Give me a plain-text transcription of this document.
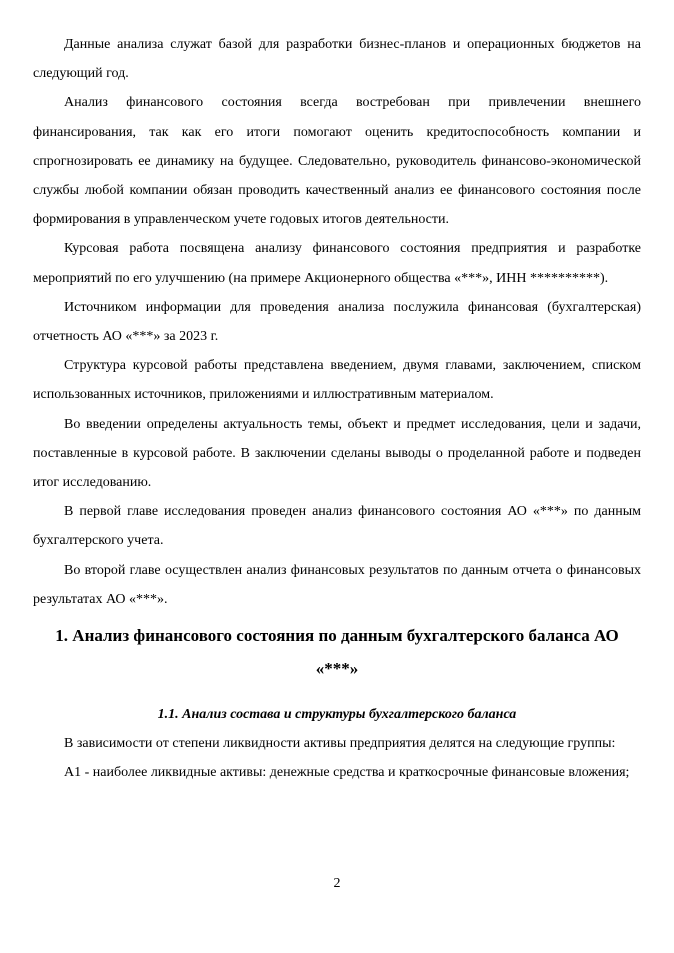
Данные анализа служат базой для разработки бизнес-планов и операционных бюджетов на следующий год.

Анализ финансового состояния всегда востребован при привлечении внешнего финансирования, так как его итоги помогают оценить кредитоспособность компании и спрогнозировать ее динамику на будущее. Следовательно, руководитель финансово-экономической службы любой компании обязан проводить качественный анализ ее финансового состояния после формирования в управленческом учете годовых итогов деятельности.

Курсовая работа посвящена анализу финансового состояния предприятия и разработке мероприятий по его улучшению (на примере Акционерного общества «***», ИНН **********).

Источником информации для проведения анализа послужила финансовая (бухгалтерская) отчетность АО «***» за 2023 г.

Структура курсовой работы представлена введением, двумя главами, заключением, списком использованных источников, приложениями и иллюстративным материалом.

Во введении определены актуальность темы, объект и предмет исследования, цели и задачи, поставленные в курсовой работе. В заключении сделаны выводы о проделанной работе и подведен итог исследованию.

В первой главе исследования проведен анализ финансового состояния АО «***» по данным бухгалтерского учета.

Во второй главе осуществлен анализ финансовых результатов по данным отчета о финансовых результатах АО «***».

1. Анализ финансового состояния по данным бухгалтерского баланса АО «***»
1.1. Анализ состава и структуры бухгалтерского баланса

В зависимости от степени ликвидности активы предприятия делятся на следующие группы:

А1 - наиболее ликвидные активы: денежные средства и краткосрочные финансовые вложения;

2
